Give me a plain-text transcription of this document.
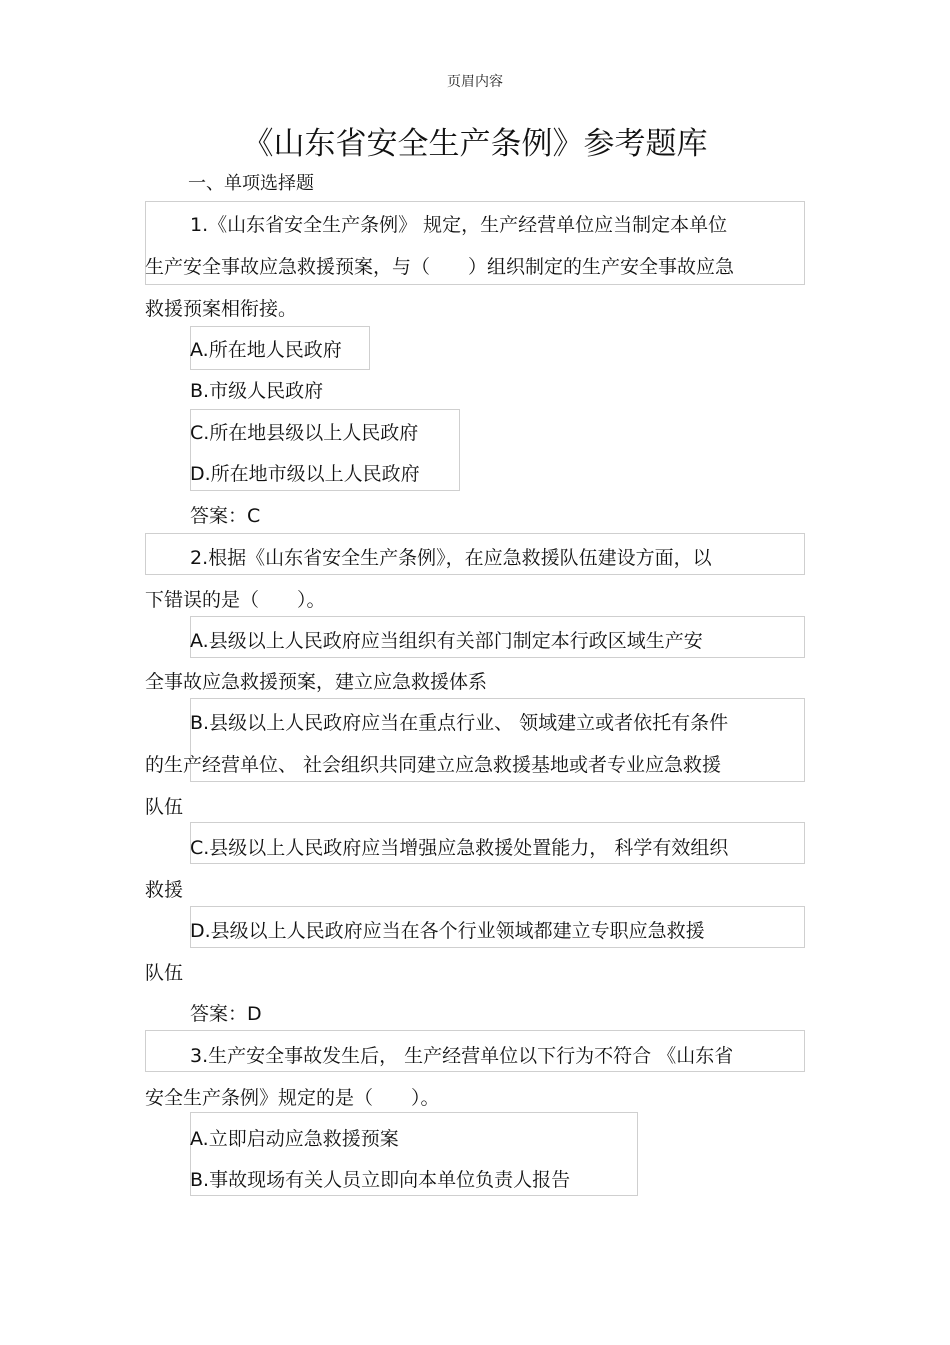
页眉内容
《山东省安全生产条例》参考题库
一、单项选择题
1.《山东省安全生产条例》 规定，生产经营单位应当制定本单位
生产安全事故应急救援预案，与（　　）组织制定的生产安全事故应急
救援预案相衔接。
A.所在地人民政府
B.市级人民政府
C.所在地县级以上人民政府
D.所在地市级以上人民政府
答案：C
2.根据《山东省安全生产条例》，在应急救援队伍建设方面，以
下错误的是（　　）。
A.县级以上人民政府应当组织有关部门制定本行政区域生产安
全事故应急救援预案，建立应急救援体系
B.县级以上人民政府应当在重点行业、 领域建立或者依托有条件
的生产经营单位、 社会组织共同建立应急救援基地或者专业应急救援
队伍
C.县级以上人民政府应当增强应急救援处置能力， 科学有效组织
救援
D.县级以上人民政府应当在各个行业领域都建立专职应急救援
队伍
答案：D
3.生产安全事故发生后， 生产经营单位以下行为不符合 《山东省
安全生产条例》规定的是（　　）。
A.立即启动应急救援预案
B.事故现场有关人员立即向本单位负责人报告
